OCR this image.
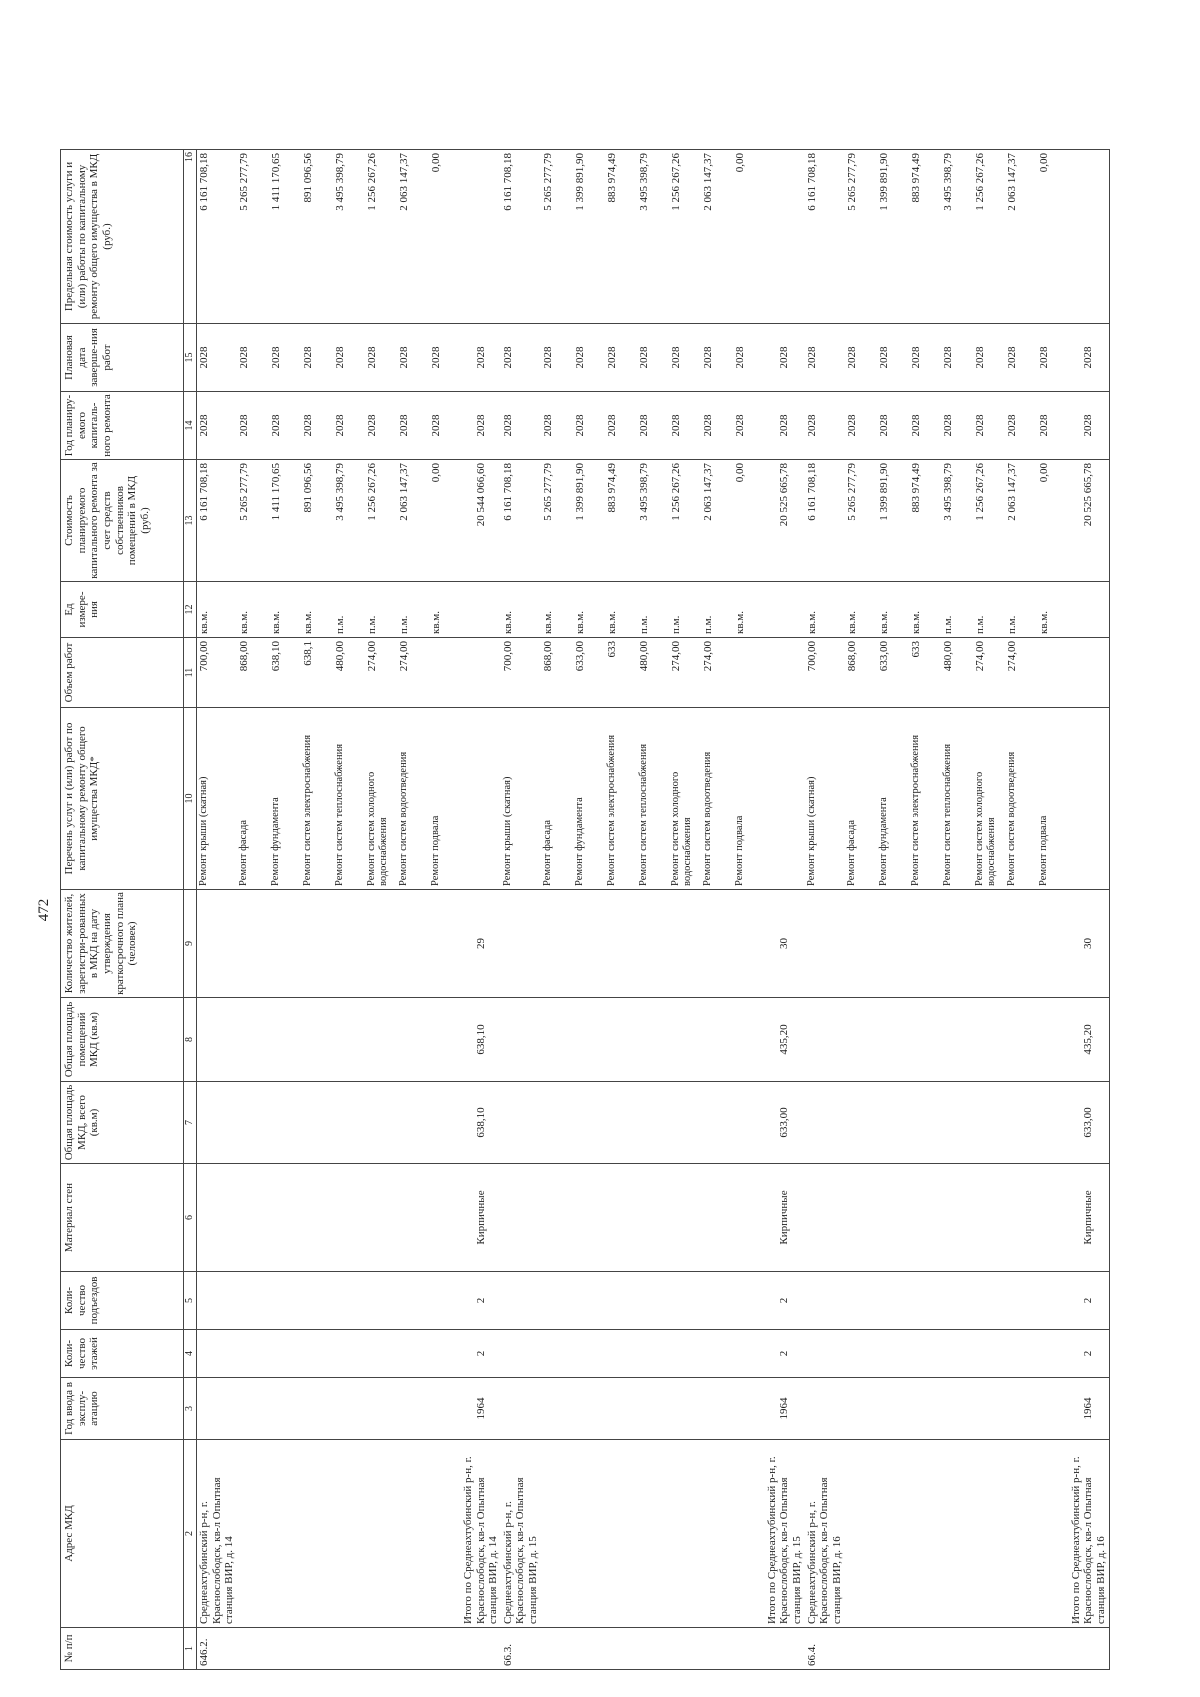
472
№ п/п	Адрес МКД	Год ввода в эксплу-атацию	Коли-чество этажей	Коли-чество подъездов	Материал стен	Общая площадь МКД, всего (кв.м)	Общая площадь помещений МКД (кв.м)	Количество жителей, зарегистри-рованных в МКД на дату утверждения краткосрочного плана (человек)	Перечень услуг и (или) работ по капитальному ремонту общего имущества МКД*	Объем работ	Ед измере-ния	Стоимость планируемого капитального ремонта за счет средств собственников помещений в МКД (руб.)	Год планиру-емого капиталь-ного ремонта	Плановая дата заверше-ния работ	Предельная стоимость услуги и (или) работы по капитальному ремонту общего имущества в МКД (руб.)
1	2	3	4	5	6	7	8	9	10	11	12	13	14	15	16
646.2.	Среднеахтубинский р-н, г. Краснослободск, кв-л Опытная станция ВИР, д. 14								Ремонт крыши (скатная)	700,00	кв.м.	6 161 708,18	2028	2028	6 161 708,18
									Ремонт фасада	868,00	кв.м.	5 265 277,79	2028	2028	5 265 277,79
									Ремонт фундамента	638,10	кв.м.	1 411 170,65	2028	2028	1 411 170,65
									Ремонт систем электроснабжения	638,1	кв.м.	891 096,56	2028	2028	891 096,56
									Ремонт систем теплоснабжения	480,00	п.м.	3 495 398,79	2028	2028	3 495 398,79
									Ремонт систем холодного водоснабжения	274,00	п.м.	1 256 267,26	2028	2028	1 256 267,26
									Ремонт систем водоотведения	274,00	п.м.	2 063 147,37	2028	2028	2 063 147,37
									Ремонт подвала		кв.м.	0,00	2028	2028	0,00
	Итого по Среднеахтубинский р-н, г. Краснослободск, кв-л Опытная станция ВИР, д. 14	1964	2	2	Кирпичные	638,10	638,10	29				20 544 066,60	2028	2028	
66.3.	Среднеахтубинский р-н, г. Краснослободск, кв-л Опытная станция ВИР, д. 15								Ремонт крыши (скатная)	700,00	кв.м.	6 161 708,18	2028	2028	6 161 708,18
									Ремонт фасада	868,00	кв.м.	5 265 277,79	2028	2028	5 265 277,79
									Ремонт фундамента	633,00	кв.м.	1 399 891,90	2028	2028	1 399 891,90
									Ремонт систем электроснабжения	633	кв.м.	883 974,49	2028	2028	883 974,49
									Ремонт систем теплоснабжения	480,00	п.м.	3 495 398,79	2028	2028	3 495 398,79
									Ремонт систем холодного водоснабжения	274,00	п.м.	1 256 267,26	2028	2028	1 256 267,26
									Ремонт систем водоотведения	274,00	п.м.	2 063 147,37	2028	2028	2 063 147,37
									Ремонт подвала		кв.м.	0,00	2028	2028	0,00
	Итого по Среднеахтубинский р-н, г. Краснослободск, кв-л Опытная станция ВИР, д. 15	1964	2	2	Кирпичные	633,00	435,20	30				20 525 665,78	2028	2028	
66.4.	Среднеахтубинский р-н, г. Краснослободск, кв-л Опытная станция ВИР, д. 16								Ремонт крыши (скатная)	700,00	кв.м.	6 161 708,18	2028	2028	6 161 708,18
									Ремонт фасада	868,00	кв.м.	5 265 277,79	2028	2028	5 265 277,79
									Ремонт фундамента	633,00	кв.м.	1 399 891,90	2028	2028	1 399 891,90
									Ремонт систем электроснабжения	633	кв.м.	883 974,49	2028	2028	883 974,49
									Ремонт систем теплоснабжения	480,00	п.м.	3 495 398,79	2028	2028	3 495 398,79
									Ремонт систем холодного водоснабжения	274,00	п.м.	1 256 267,26	2028	2028	1 256 267,26
									Ремонт систем водоотведения	274,00	п.м.	2 063 147,37	2028	2028	2 063 147,37
									Ремонт подвала		кв.м.	0,00	2028	2028	0,00
	Итого по Среднеахтубинский р-н, г. Краснослободск, кв-л Опытная станция ВИР, д. 16	1964	2	2	Кирпичные	633,00	435,20	30				20 525 665,78	2028	2028	
